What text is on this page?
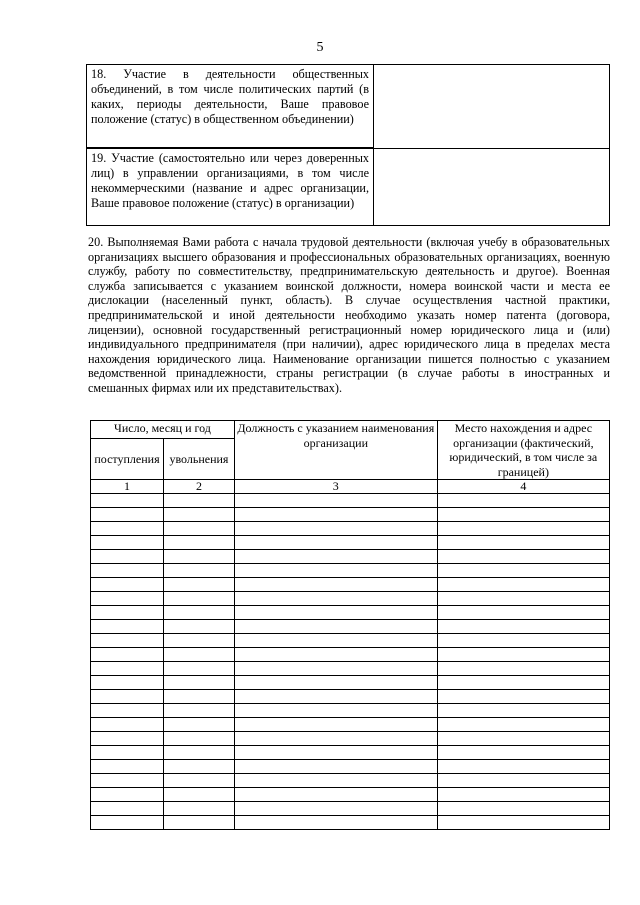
5

18. Участие в деятельности общественных объединений, в том числе политических партий (в каких, периоды деятельности, Ваше правовое положение (статус) в общественном объединении)	

19. Участие (самостоятельно или через доверенных лиц) в управлении организациями, в том числе некоммерческими (название и адрес организации, Ваше правовое положение (статус) в организации)	

20. Выполняемая Вами работа с начала трудовой деятельности (включая учебу в образовательных организациях высшего образования и профессиональных образовательных организациях, военную службу, работу по совместительству, предпринимательскую деятельность и другое). Военная служба записывается с указанием воинской должности, номера воинской части и места ее дислокации (населенный пункт, область). В случае осуществления частной практики, предпринимательской и иной деятельности необходимо указать номер патента (договора, лицензии), основной государственный регистрационный номер юридического лица и (или) индивидуального предпринимателя (при наличии), адрес юридического лица в пределах места нахождения юридического лица. Наименование организации пишется полностью с указанием ведомственной принадлежности, страны регистрации (в случае работы в иностранных и смешанных фирмах или их представительствах).

Число, месяц и год		Должность с указанием наименования организации	Место нахождения и адрес организации (фактический, юридический, в том числе за границей)
поступления	увольнения		
1	2	3	4
